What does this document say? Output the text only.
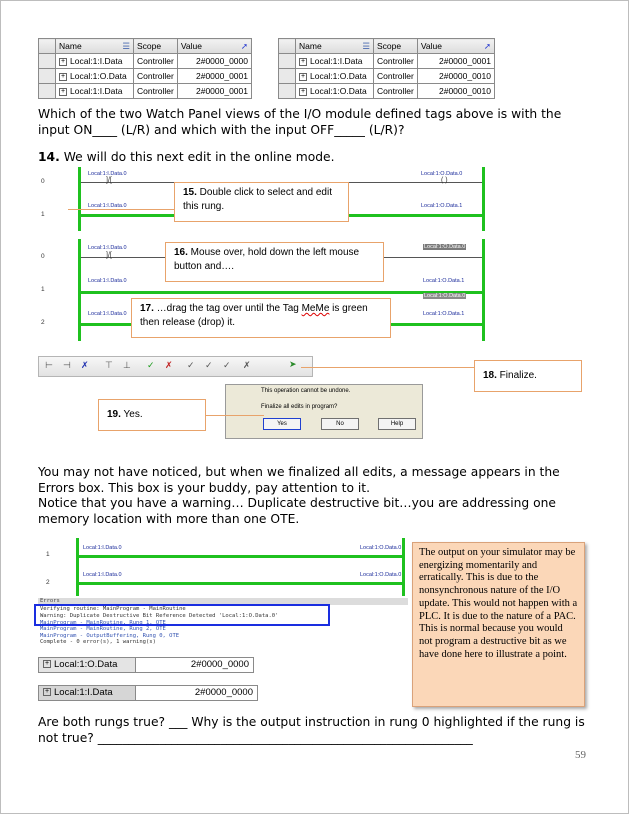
	Name ☰	Scope	Value ➚

	+ Local:1:I.Data	Controller	2#0000_0000
	+ Local:1:O.Data	Controller	2#0000_0001
	+ Local:1:I.Data	Controller	2#0000_0001
	Name ☰	Scope	Value ➚

	+ Local:1:I.Data	Controller	2#0000_0001
	+ Local:1:O.Data	Controller	2#0000_0010
	+ Local:1:O.Data	Controller	2#0000_0010
Which of the two Watch Panel views of the I/O module defined tags above is with the input ON____ (L/R) and which with the input OFF_____ (L/R)?
14. We will do this next edit in the online mode.
0
1
Local:1:I.Data.0
]/[
Local:1:O.Data.0
( )
Local:1:I.Data.0	Local:1:O.Data.1
15. Double click to select and edit this rung.
0
1
2
Local:1:I.Data.0
]/[
Local:1:O.Data.0
Local:1:I.Data.0	Local:1:O.Data.1
Local:1:O.Data.0
Local:1:I.Data.0	Local:1:O.Data.1
16. Mouse over, hold down the left mouse button and….
17. …drag the tag over until the Tag MeMe is green then release (drop) it.
⊢ ⊣ ✗ ⊤ ⊥ ✓ ✗ ✓ ✓ ✓ ✗	➤
18. Finalize.
This operation cannot be undone.
Finalize all edits in program?
Yes	No	Help
19. Yes.
You may not have noticed, but when we finalized all edits, a message appears in the Errors box. This box is your buddy, pay attention to it.
Notice that you have a warning… Duplicate destructive bit…you are addressing one memory location with more than one OTE.
1
2
Local:1:I.Data.0	Local:1:O.Data.0
Local:1:I.Data.0	Local:1:O.Data.0
Errors
Verifying routine: MainProgram - MainRoutine
Warning: Duplicate Destructive Bit Reference Detected 'Local:1:O.Data.0'
MainProgram - MainRoutine, Rung 1, OTE
MainProgram - MainRoutine, Rung 2, OTE
MainProgram - OutputBuffering, Rung 0, OTE
Complete - 0 error(s), 1 warning(s)
+ Local:1:O.Data	2#0000_0000
+ Local:1:I.Data	2#0000_0000
The output on your simulator may be energizing momentarily and erratically. This is due to the nonsynchronous nature of the I/O update. This would not happen with a PLC. It is due to the nature of a PAC. This is normal because you would not program a destructive bit as we have done here to illustrate a point.
Are both rungs true? ___ Why is the output instruction in rung 0 highlighted if the rung is not true? _____________________________________________________________
59
